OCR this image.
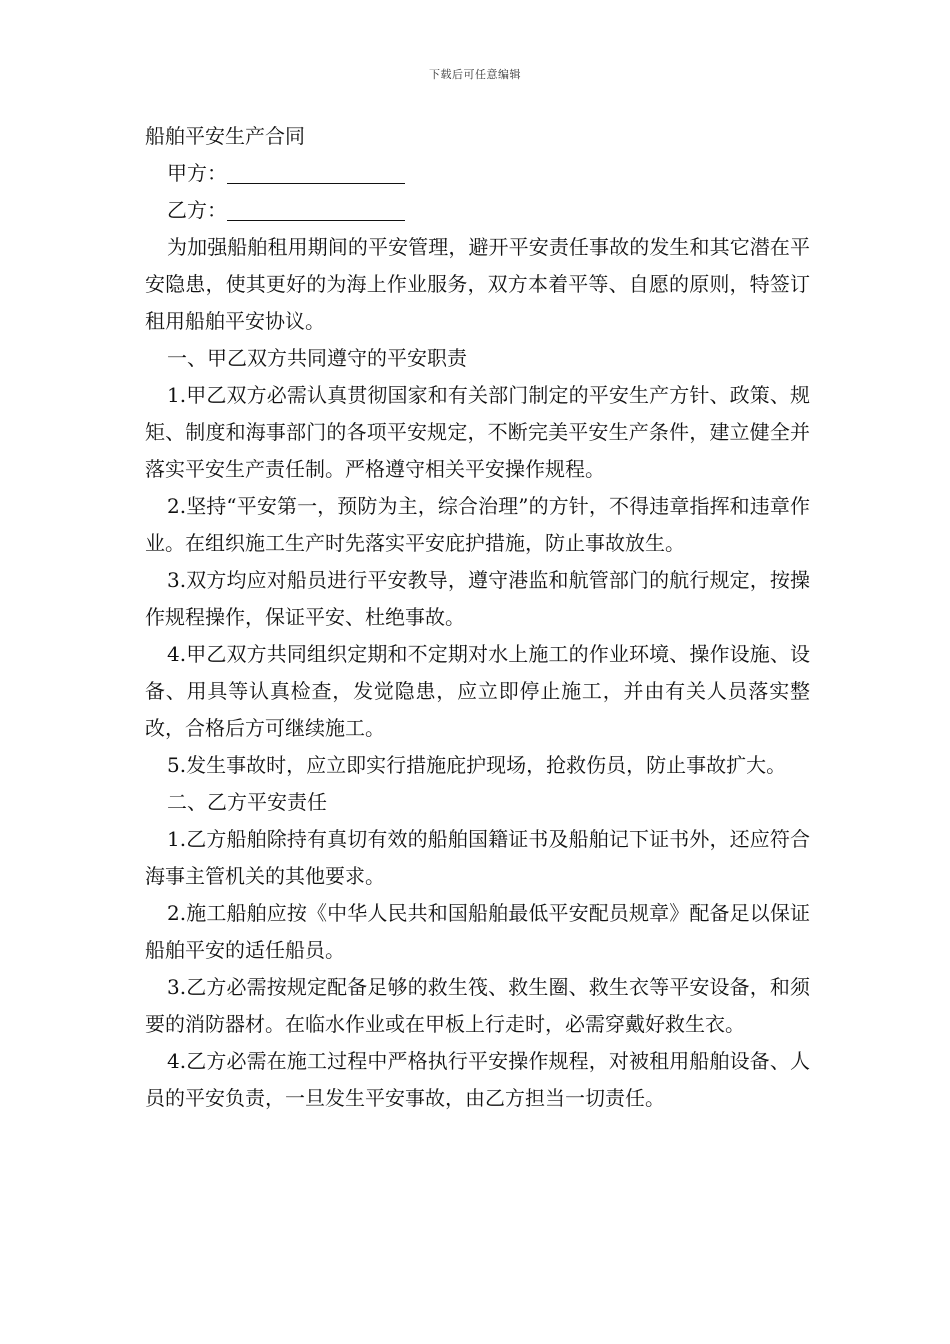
下载后可任意编辑

船舶平安生产合同

甲方：

乙方：

为加强船舶租用期间的平安管理，避开平安责任事故的发生和其它潜在平安隐患，使其更好的为海上作业服务，双方本着平等、自愿的原则，特签订租用船舶平安协议。

一、甲乙双方共同遵守的平安职责

1.甲乙双方必需认真贯彻国家和有关部门制定的平安生产方针、政策、规矩、制度和海事部门的各项平安规定，不断完美平安生产条件，建立健全并落实平安生产责任制。严格遵守相关平安操作规程。

2.坚持“平安第一，预防为主，综合治理”的方针，不得违章指挥和违章作业。在组织施工生产时先落实平安庇护措施，防止事故放生。

3.双方均应对船员进行平安教导，遵守港监和航管部门的航行规定，按操作规程操作，保证平安、杜绝事故。

4.甲乙双方共同组织定期和不定期对水上施工的作业环境、操作设施、设备、用具等认真检查，发觉隐患，应立即停止施工，并由有关人员落实整改，合格后方可继续施工。

5.发生事故时，应立即实行措施庇护现场，抢救伤员，防止事故扩大。

二、乙方平安责任

1.乙方船舶除持有真切有效的船舶国籍证书及船舶记下证书外，还应符合海事主管机关的其他要求。

2.施工船舶应按《中华人民共和国船舶最低平安配员规章》配备足以保证船舶平安的适任船员。

3.乙方必需按规定配备足够的救生筏、救生圈、救生衣等平安设备，和须要的消防器材。在临水作业或在甲板上行走时，必需穿戴好救生衣。

4.乙方必需在施工过程中严格执行平安操作规程，对被租用船舶设备、人员的平安负责，一旦发生平安事故，由乙方担当一切责任。
